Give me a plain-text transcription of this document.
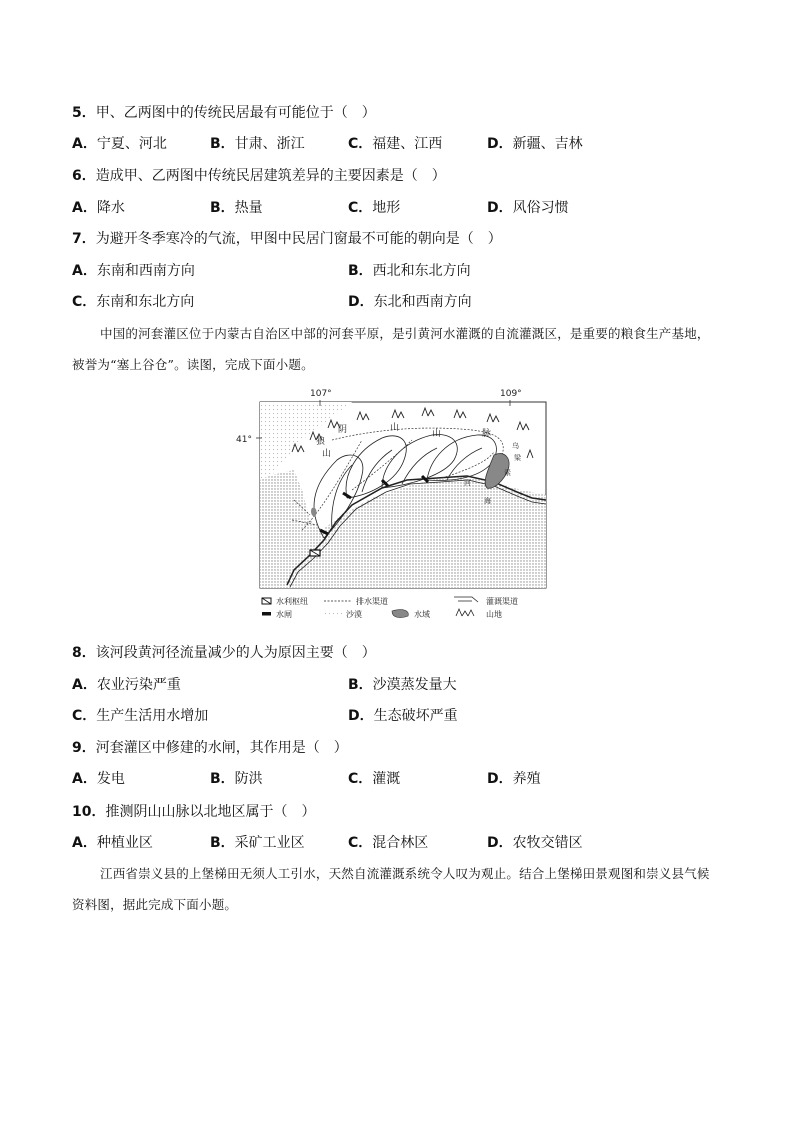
5．甲、乙两图中的传统民居最有可能位于（　）
A．宁夏、河北	B．甘肃、浙江	C．福建、江西	D．新疆、吉林
6．造成甲、乙两图中传统民居建筑差异的主要因素是（　）
A．降水	B．热量	C．地形	D．风俗习惯
7．为避开冬季寒冷的气流，甲图中民居门窗最不可能的朝向是（　）
A．东南和西南方向	B．西北和东北方向
C．东南和东北方向	D．东北和西南方向
中国的河套灌区位于内蒙古自治区中部的河套平原，是引黄河水灌溉的自流灌溉区，是重要的粮食生产基地，被誉为“塞上谷仓”。读图，完成下面小题。
107°	109°
41°
阴	山
山	脉
狼
山
乌
梁
素
海
河
水利枢纽	排水渠道	灌溉渠道
水闸	沙漠	水域	山地
8．该河段黄河径流量减少的人为原因主要（　）
A．农业污染严重	B．沙漠蒸发量大
C．生产生活用水增加	D．生态破坏严重
9．河套灌区中修建的水闸，其作用是（　）
A．发电	B．防洪	C．灌溉	D．养殖
10．推测阴山山脉以北地区属于（　）
A．种植业区	B．采矿工业区	C．混合林区	D．农牧交错区
江西省崇义县的上堡梯田无须人工引水，天然自流灌溉系统令人叹为观止。结合上堡梯田景观图和崇义县气候资料图，据此完成下面小题。
